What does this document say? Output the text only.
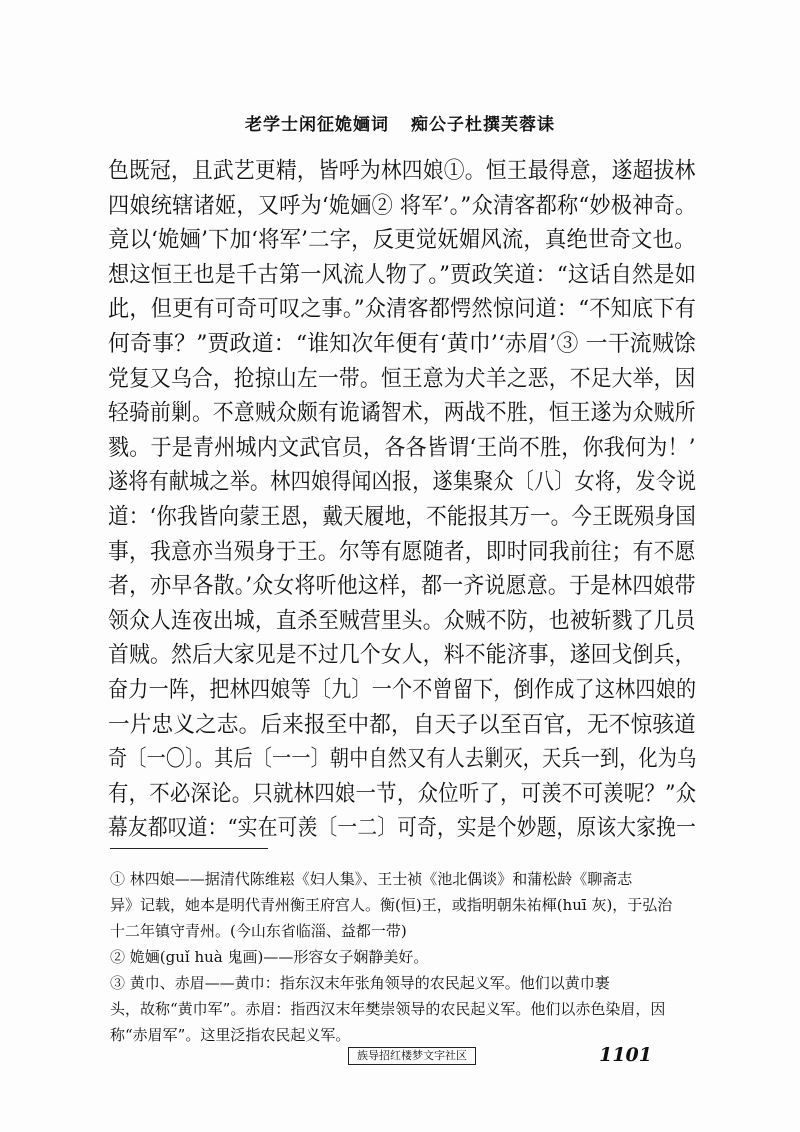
老学士闲征姽婳词 痴公子杜撰芙蓉诔
色既冠，且武艺更精，皆呼为林四娘①。恒王最得意，遂超拔林
四娘统辖诸姬，又呼为‘姽婳② 将军’。”众清客都称“妙极神奇。
竟以‘姽婳’下加‘将军’二字，反更觉妩媚风流，真绝世奇文也。
想这恒王也是千古第一风流人物了。”贾政笑道：“这话自然是如
此，但更有可奇可叹之事。”众清客都愕然惊问道：“不知底下有
何奇事？”贾政道：“谁知次年便有‘黄巾’‘赤眉’③ 一干流贼馀
党复又乌合，抢掠山左一带。恒王意为犬羊之恶，不足大举，因
轻骑前剿。不意贼众颇有诡谲智术，两战不胜，恒王遂为众贼所
戮。于是青州城内文武官员，各各皆谓‘王尚不胜，你我何为！’
遂将有献城之举。林四娘得闻凶报，遂集聚众〔八〕女将，发令说
道：‘你我皆向蒙王恩，戴天履地，不能报其万一。今王既殒身国
事，我意亦当殒身于王。尔等有愿随者，即时同我前往；有不愿
者，亦早各散。’众女将听他这样，都一齐说愿意。于是林四娘带
领众人连夜出城，直杀至贼营里头。众贼不防，也被斩戮了几员
首贼。然后大家见是不过几个女人，料不能济事，遂回戈倒兵，
奋力一阵，把林四娘等〔九〕一个不曾留下，倒作成了这林四娘的
一片忠义之志。后来报至中都，自天子以至百官，无不惊骇道
奇〔一〇〕。其后〔一一〕朝中自然又有人去剿灭，天兵一到，化为乌
有，不必深论。只就林四娘一节，众位听了，可羡不可羡呢？”众
幕友都叹道：“实在可羡〔一二〕可奇，实是个妙题，原该大家挽一
① 林四娘——据清代陈维崧《妇人集》、王士祯《池北偶谈》和蒲松龄《聊斋志
异》记载，她本是明代青州衡王府宫人。衡(恒)王，或指明朝朱祐楎(huī 灰)，于弘治
十二年镇守青州。(今山东省临淄、益都一带)
② 姽婳(guǐ huà 鬼画)——形容女子娴静美好。
③ 黄巾、赤眉——黄巾：指东汉末年张角领导的农民起义军。他们以黄巾裹
头，故称“黄巾军”。赤眉：指西汉末年樊崇领导的农民起义军。他们以赤色染眉，因
称“赤眉军”。这里泛指农民起义军。
族导招红楼梦文字社区	1101
